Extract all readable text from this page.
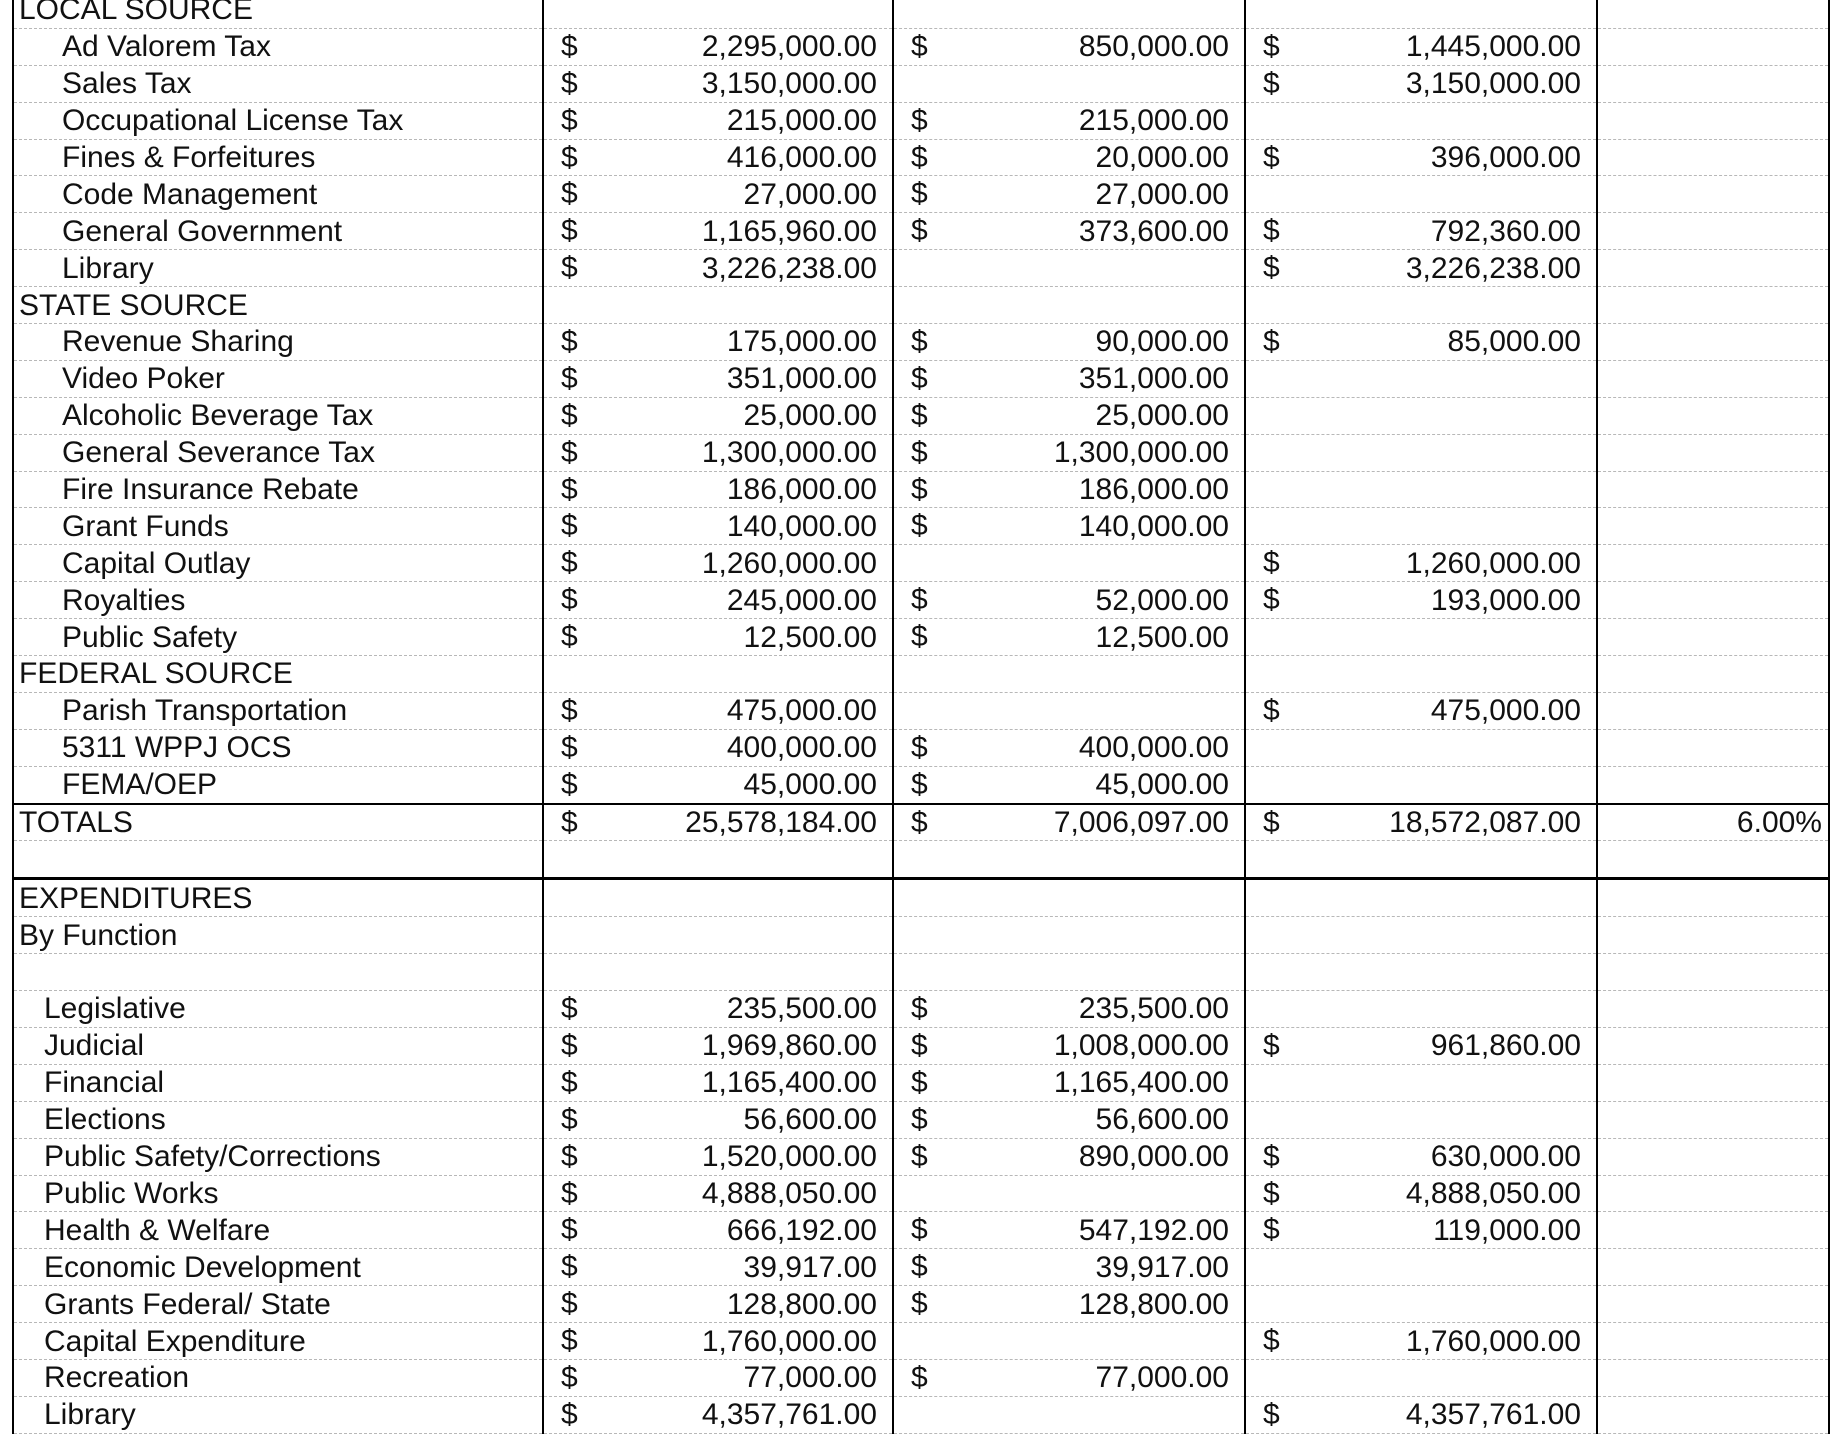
LOCAL SOURCE				
Ad Valorem Tax	$ 2,295,000.00	$ 850,000.00	$ 1,445,000.00	

Sales Tax	$ 3,150,000.00		$ 3,150,000.00	

Occupational License Tax	$ 215,000.00	$ 215,000.00		

Fines & Forfeitures	$ 416,000.00	$ 20,000.00	$ 396,000.00	

Code Management	$ 27,000.00	$ 27,000.00		

General Government	$ 1,165,960.00	$ 373,600.00	$ 792,360.00	

Library	$ 3,226,238.00		$ 3,226,238.00	

STATE SOURCE				
Revenue Sharing	$ 175,000.00	$ 90,000.00	$ 85,000.00	

Video Poker	$ 351,000.00	$ 351,000.00		

Alcoholic Beverage Tax	$ 25,000.00	$ 25,000.00		

General Severance Tax	$ 1,300,000.00	$ 1,300,000.00		

Fire Insurance Rebate	$ 186,000.00	$ 186,000.00		

Grant Funds	$ 140,000.00	$ 140,000.00		

Capital Outlay	$ 1,260,000.00		$ 1,260,000.00	

Royalties	$ 245,000.00	$ 52,000.00	$ 193,000.00	

Public Safety	$ 12,500.00	$ 12,500.00		

FEDERAL SOURCE				
Parish Transportation	$ 475,000.00		$ 475,000.00	

5311 WPPJ OCS	$ 400,000.00	$ 400,000.00		

FEMA/OEP	$ 45,000.00	$ 45,000.00		

TOTALS	$ 25,578,184.00	$ 7,006,097.00	$ 18,572,087.00	6.00%

EXPENDITURES				
By Function				

Legislative	$ 235,500.00	$ 235,500.00		

Judicial	$ 1,969,860.00	$ 1,008,000.00	$ 961,860.00	

Financial	$ 1,165,400.00	$ 1,165,400.00		

Elections	$ 56,600.00	$ 56,600.00		

Public Safety/Corrections	$ 1,520,000.00	$ 890,000.00	$ 630,000.00	

Public Works	$ 4,888,050.00		$ 4,888,050.00	

Health & Welfare	$ 666,192.00	$ 547,192.00	$ 119,000.00	

Economic Development	$ 39,917.00	$ 39,917.00		

Grants Federal/ State	$ 128,800.00	$ 128,800.00		

Capital Expenditure	$ 1,760,000.00		$ 1,760,000.00	

Recreation	$ 77,000.00	$ 77,000.00		

Library	$ 4,357,761.00		$ 4,357,761.00	
